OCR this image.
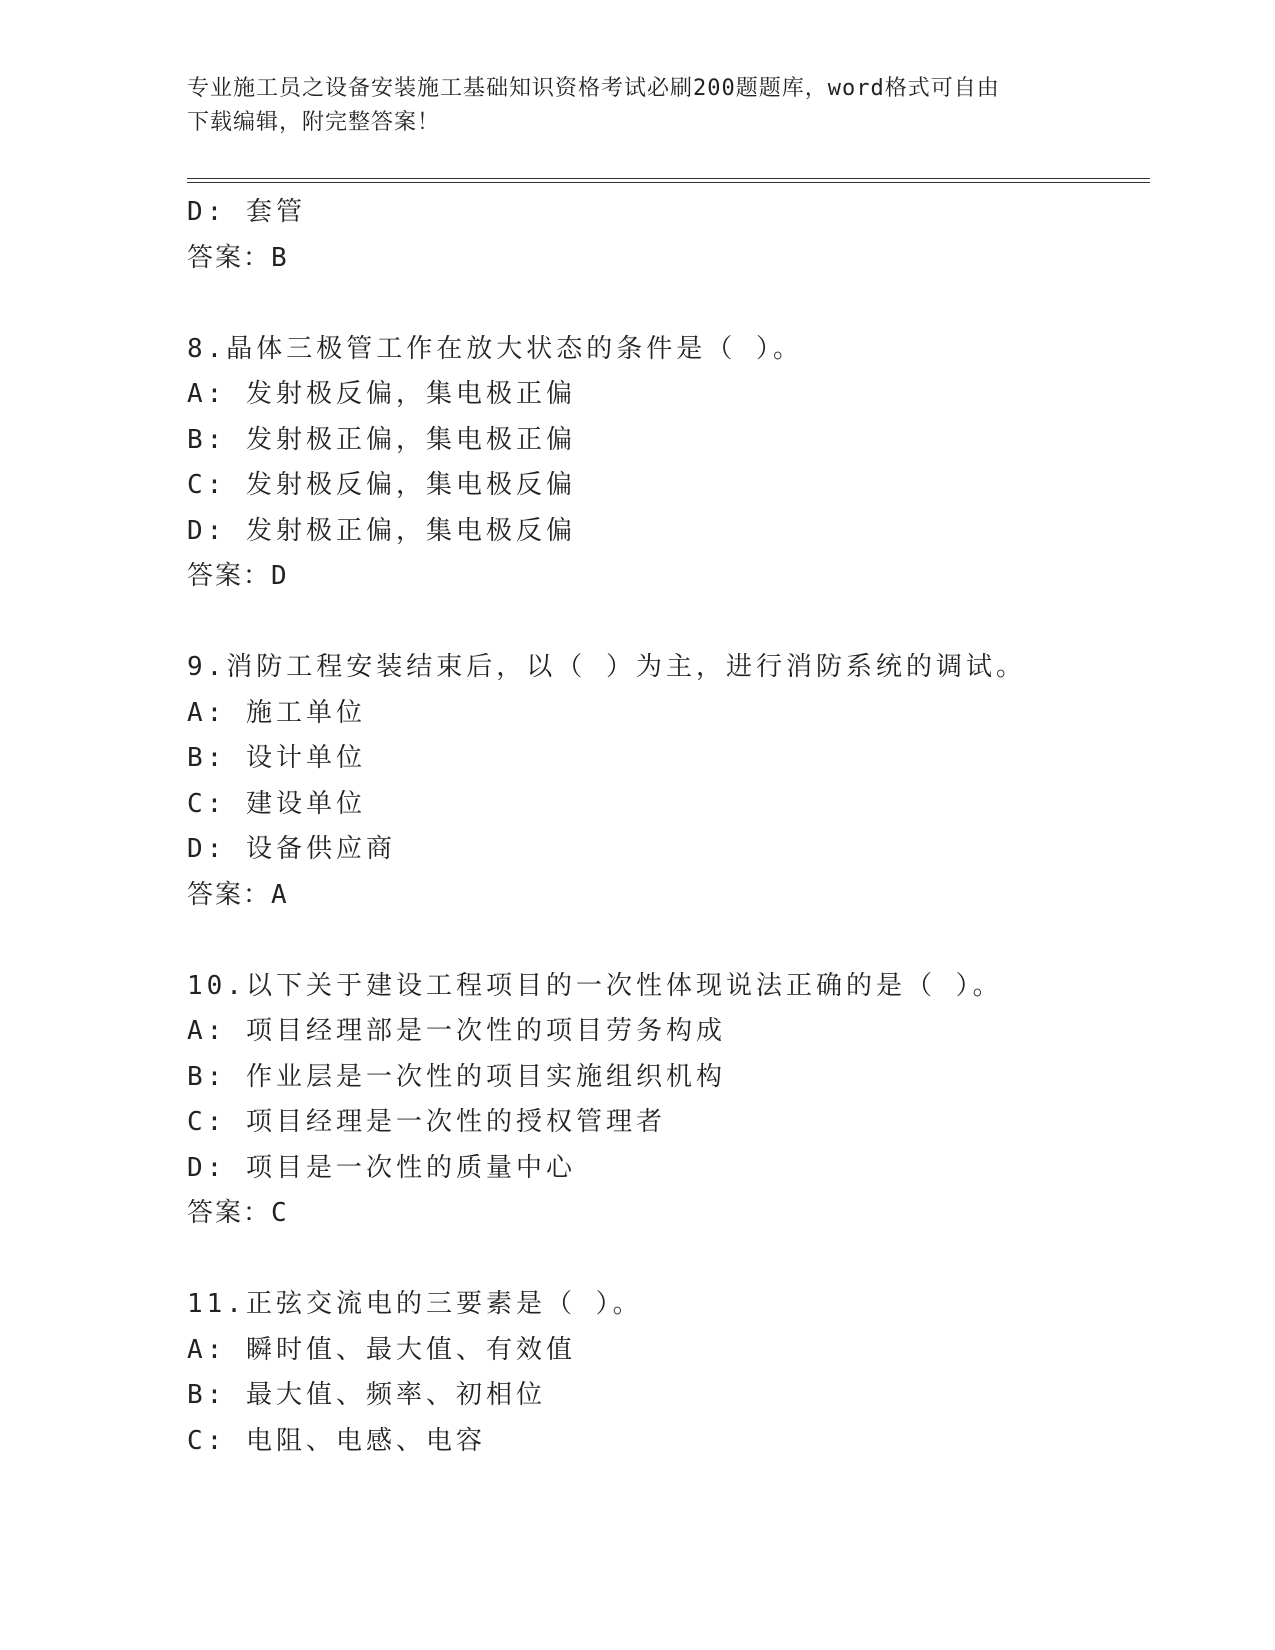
专业施工员之设备安装施工基础知识资格考试必刷200题题库，word格式可自由
下载编辑，附完整答案！
D: 套管
答案：B
8.晶体三极管工作在放大状态的条件是（ ）。
A: 发射极反偏，集电极正偏
B: 发射极正偏，集电极正偏
C: 发射极反偏，集电极反偏
D: 发射极正偏，集电极反偏
答案：D
9.消防工程安装结束后，以（ ）为主，进行消防系统的调试。
A: 施工单位
B: 设计单位
C: 建设单位
D: 设备供应商
答案：A
10.以下关于建设工程项目的一次性体现说法正确的是（ ）。
A: 项目经理部是一次性的项目劳务构成
B: 作业层是一次性的项目实施组织机构
C: 项目经理是一次性的授权管理者
D: 项目是一次性的质量中心
答案：C
11.正弦交流电的三要素是（ ）。
A: 瞬时值、最大值、有效值
B: 最大值、频率、初相位
C: 电阻、电感、电容
